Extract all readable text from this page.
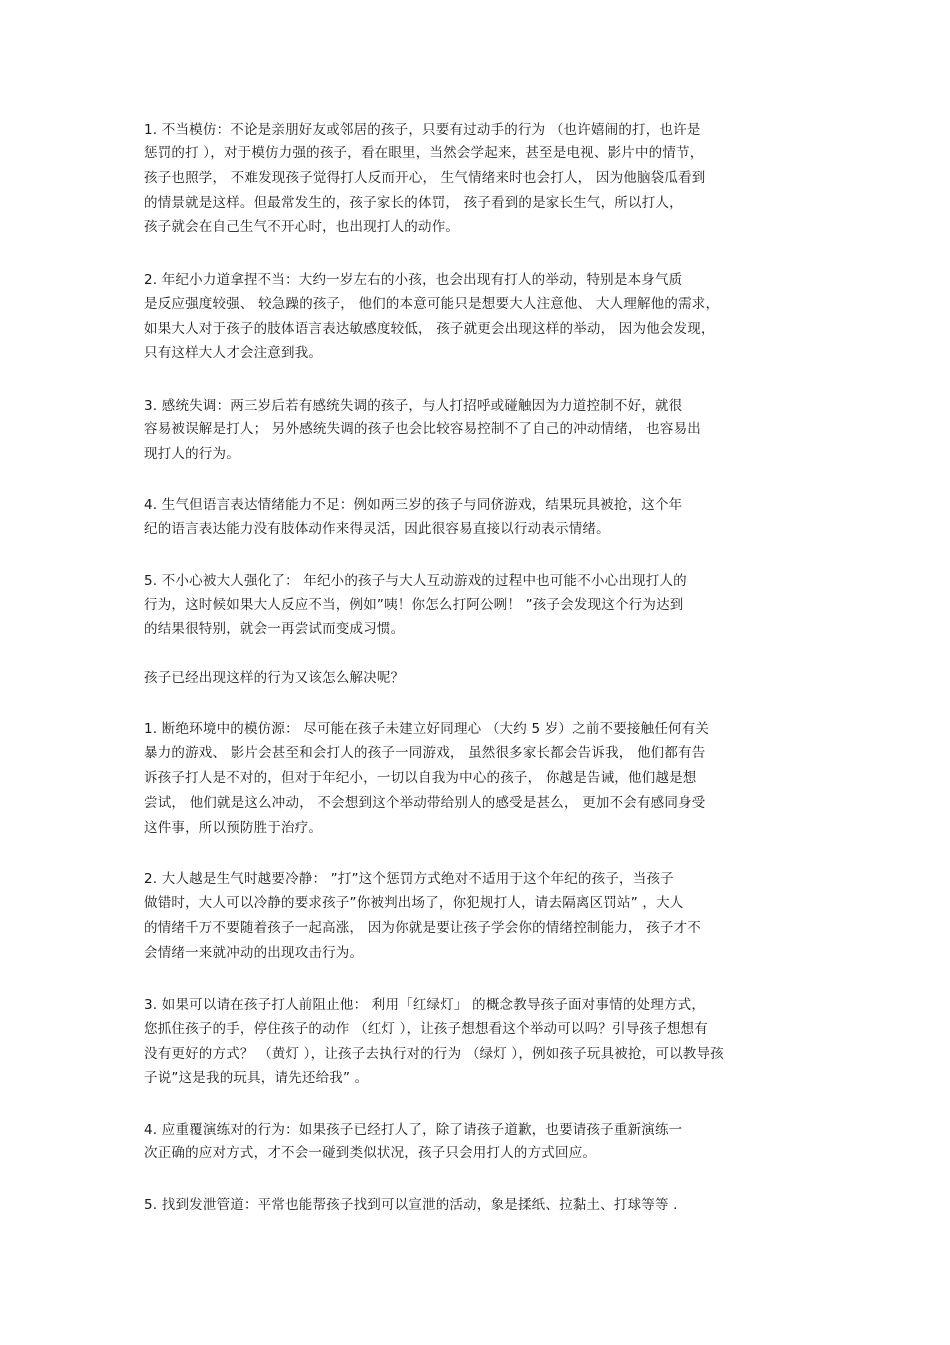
1. 不当模仿：不论是亲朋好友或邻居的孩子，只要有过动手的行为 （也许嬉闹的打，也许是
惩罚的打 ），对于模仿力强的孩子，看在眼里，当然会学起来，甚至是电视、影片中的情节，
孩子也照学， 不难发现孩子觉得打人反而开心， 生气情绪来时也会打人， 因为他脑袋瓜看到
的情景就是这样。但最常发生的，孩子家长的体罚， 孩子看到的是家长生气，所以打人，
孩子就会在自己生气不开心时，也出现打人的动作。
2. 年纪小力道拿捏不当：大约一岁左右的小孩，也会出现有打人的举动，特别是本身气质
是反应强度较强、 较急躁的孩子， 他们的本意可能只是想要大人注意他、 大人理解他的需求，
如果大人对于孩子的肢体语言表达敏感度较低， 孩子就更会出现这样的举动， 因为他会发现，
只有这样大人才会注意到我。
3. 感统失调：两三岁后若有感统失调的孩子，与人打招呼或碰触因为力道控制不好，就很
容易被误解是打人； 另外感统失调的孩子也会比较容易控制不了自己的冲动情绪， 也容易出
现打人的行为。
4. 生气但语言表达情绪能力不足：例如两三岁的孩子与同侪游戏，结果玩具被抢，这个年
纪的语言表达能力没有肢体动作来得灵活，因此很容易直接以行动表示情绪。
5. 不小心被大人强化了： 年纪小的孩子与大人互动游戏的过程中也可能不小心出现打人的
行为，这时候如果大人反应不当，例如”咦！你怎么打阿公咧！ ”孩子会发现这个行为达到
的结果很特别，就会一再尝试而变成习惯。
孩子已经出现这样的行为又该怎么解决呢？
1. 断绝环境中的模仿源： 尽可能在孩子未建立好同理心 （大约 5 岁）之前不要接触任何有关
暴力的游戏、 影片会甚至和会打人的孩子一同游戏， 虽然很多家长都会告诉我， 他们都有告
诉孩子打人是不对的，但对于年纪小，一切以自我为中心的孩子， 你越是告诫，他们越是想
尝试， 他们就是这么冲动， 不会想到这个举动带给别人的感受是甚么， 更加不会有感同身受
这件事，所以预防胜于治疗。
2. 大人越是生气时越要冷静： ”打”这个惩罚方式绝对不适用于这个年纪的孩子，当孩子
做错时，大人可以冷静的要求孩子”你被判出场了，你犯规打人，请去隔离区罚站” ，大人
的情绪千万不要随着孩子一起高涨， 因为你就是要让孩子学会你的情绪控制能力， 孩子才不
会情绪一来就冲动的出现攻击行为。
3. 如果可以请在孩子打人前阻止他： 利用「红绿灯」 的概念教导孩子面对事情的处理方式，
您抓住孩子的手，停住孩子的动作 （红灯 ），让孩子想想看这个举动可以吗？引导孩子想想有
没有更好的方式？ （黄灯 ），让孩子去执行对的行为 （绿灯 ），例如孩子玩具被抢，可以教导孩
子说”这是我的玩具，请先还给我” 。
4. 应重覆演练对的行为：如果孩子已经打人了，除了请孩子道歉，也要请孩子重新演练一
次正确的应对方式，才不会一碰到类似状况，孩子只会用打人的方式回应。
5. 找到发泄管道：平常也能帮孩子找到可以宣泄的活动，象是揉纸、拉黏土、打球等等 .
